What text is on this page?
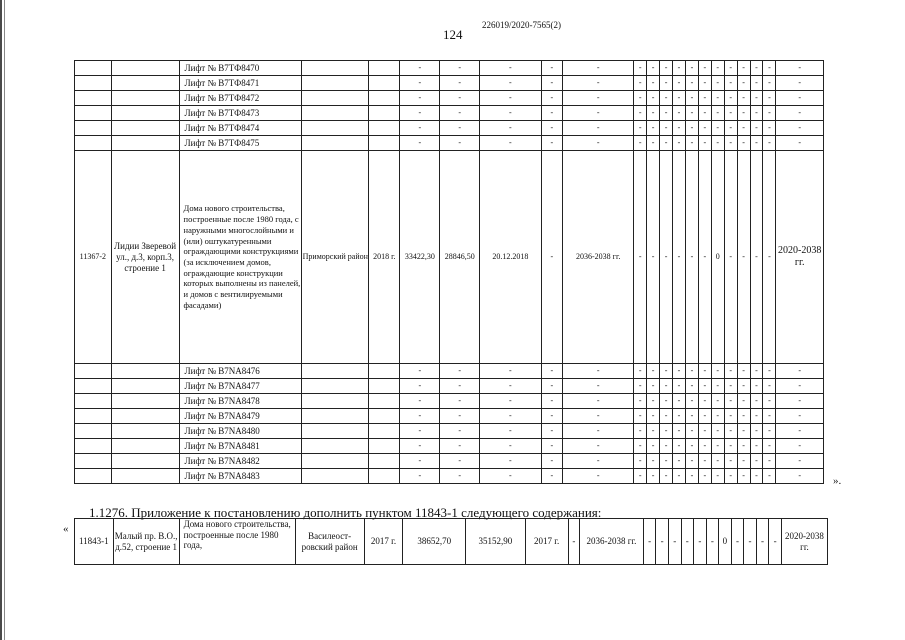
226019/2020-7565(2)
124
		Лифт № В7ТФ8470			-	-	-	-	-	-	-	-	-	-	-	-	-	-	-	-	-
		Лифт № В7ТФ8471			-	-	-	-	-	-	-	-	-	-	-	-	-	-	-	-	-
		Лифт № В7ТФ8472			-	-	-	-	-	-	-	-	-	-	-	-	-	-	-	-	-
		Лифт № В7ТФ8473			-	-	-	-	-	-	-	-	-	-	-	-	-	-	-	-	-
		Лифт № В7ТФ8474			-	-	-	-	-	-	-	-	-	-	-	-	-	-	-	-	-
		Лифт № В7ТФ8475			-	-	-	-	-	-	-	-	-	-	-	-	-	-	-	-	-
11367-2	Лидии Зверевой ул., д.3, корп.3, строение 1	Дома нового строительства, построенные после 1980 года, с наружными многослойными и (или) оштукатуренными ограждающими конструкциями (за исключением домов, ограждающие конструкции которых выполнены из панелей, и домов с вентилируемыми фасадами)	Приморский район	2018 г.	33422,30	28846,50	20.12.2018	-	2036-2038 гг.	-	-	-	-	-	-	0	-	-	-	-	2020-2038 гг.
		Лифт № В7NA8476			-	-	-	-	-	-	-	-	-	-	-	-	-	-	-	-	-
		Лифт № В7NA8477			-	-	-	-	-	-	-	-	-	-	-	-	-	-	-	-	-
		Лифт № В7NA8478			-	-	-	-	-	-	-	-	-	-	-	-	-	-	-	-	-
		Лифт № В7NA8479			-	-	-	-	-	-	-	-	-	-	-	-	-	-	-	-	-
		Лифт № В7NA8480			-	-	-	-	-	-	-	-	-	-	-	-	-	-	-	-	-
		Лифт № В7NA8481			-	-	-	-	-	-	-	-	-	-	-	-	-	-	-	-	-
		Лифт № В7NA8482			-	-	-	-	-	-	-	-	-	-	-	-	-	-	-	-	-
		Лифт № В7NA8483			-	-	-	-	-	-	-	-	-	-	-	-	-	-	-	-	-	».
1.1276. Приложение к постановлению дополнить пунктом 11843-1 следующего содержания:
«
11843-1	Малый пр. В.О., д.52, строение 1	Дома нового строительства, построенные после 1980 года,	Василеост-ровский район	2017 г.	38652,70	35152,90	2017 г.	-	2036-2038 гг.	-	-	-	-	-	-	0	-	-	-	-	2020-2038 гг.
